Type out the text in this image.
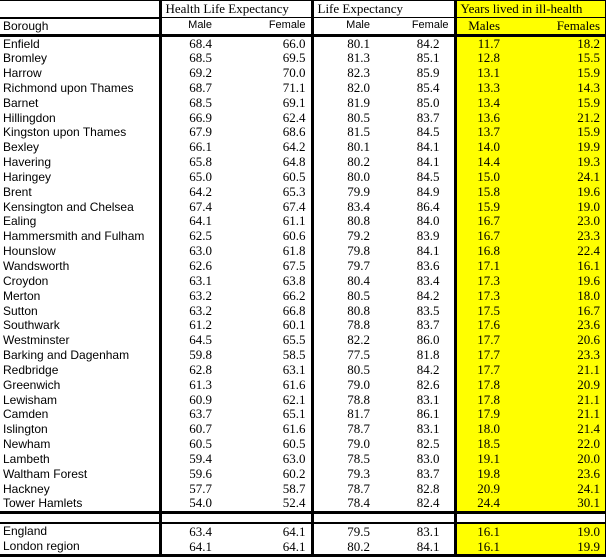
	Health Life Expectancy		Life Expectancy		Years lived in ill-health	
Borough	Male	Female	Male	Female	Males	Females
Enfield	68.4	66.0	80.1	84.2	11.7	18.2
Bromley	68.5	69.5	81.3	85.1	12.8	15.5
Harrow	69.2	70.0	82.3	85.9	13.1	15.9
Richmond upon Thames	68.7	71.1	82.0	85.4	13.3	14.3
Barnet	68.5	69.1	81.9	85.0	13.4	15.9
Hillingdon	66.9	62.4	80.5	83.7	13.6	21.2
Kingston upon Thames	67.9	68.6	81.5	84.5	13.7	15.9
Bexley	66.1	64.2	80.1	84.1	14.0	19.9
Havering	65.8	64.8	80.2	84.1	14.4	19.3
Haringey	65.0	60.5	80.0	84.5	15.0	24.1
Brent	64.2	65.3	79.9	84.9	15.8	19.6
Kensington and Chelsea	67.4	67.4	83.4	86.4	15.9	19.0
Ealing	64.1	61.1	80.8	84.0	16.7	23.0
Hammersmith and Fulham	62.5	60.6	79.2	83.9	16.7	23.3
Hounslow	63.0	61.8	79.8	84.1	16.8	22.4
Wandsworth	62.6	67.5	79.7	83.6	17.1	16.1
Croydon	63.1	63.8	80.4	83.4	17.3	19.6
Merton	63.2	66.2	80.5	84.2	17.3	18.0
Sutton	63.2	66.8	80.8	83.5	17.5	16.7
Southwark	61.2	60.1	78.8	83.7	17.6	23.6
Westminster	64.5	65.5	82.2	86.0	17.7	20.6
Barking and Dagenham	59.8	58.5	77.5	81.8	17.7	23.3
Redbridge	62.8	63.1	80.5	84.2	17.7	21.1
Greenwich	61.3	61.6	79.0	82.6	17.8	20.9
Lewisham	60.9	62.1	78.8	83.1	17.8	21.1
Camden	63.7	65.1	81.7	86.1	17.9	21.1
Islington	60.7	61.6	78.7	83.1	18.0	21.4
Newham	60.5	60.5	79.0	82.5	18.5	22.0
Lambeth	59.4	63.0	78.5	83.0	19.1	20.0
Waltham Forest	59.6	60.2	79.3	83.7	19.8	23.6
Hackney	57.7	58.7	78.7	82.8	20.9	24.1
Tower Hamlets	54.0	52.4	78.4	82.4	24.4	30.1

England	63.4	64.1	79.5	83.1	16.1	19.0
London region	64.1	64.1	80.2	84.1	16.1	19.9
